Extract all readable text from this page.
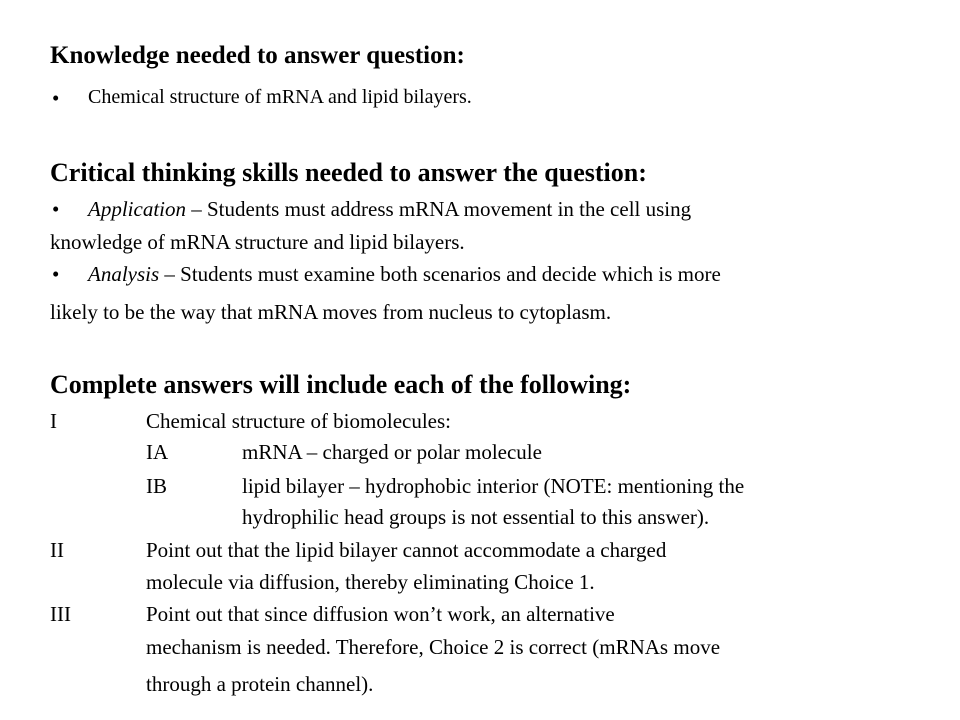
Knowledge needed to answer question:
• Chemical structure of mRNA and lipid bilayers.
Critical thinking skills needed to answer the question:
• Application – Students must address mRNA movement in the cell using
knowledge of mRNA structure and lipid bilayers.
• Analysis – Students must examine both scenarios and decide which is more
likely to be the way that mRNA moves from nucleus to cytoplasm.
Complete answers will include each of the following:
I	Chemical structure of biomolecules:
IA	mRNA – charged or polar molecule
IB	lipid bilayer – hydrophobic interior (NOTE: mentioning the
hydrophilic head groups is not essential to this answer).
II	Point out that the lipid bilayer cannot accommodate a charged
molecule via diffusion, thereby eliminating Choice 1.
III	Point out that since diffusion won’t work, an alternative
mechanism is needed. Therefore, Choice 2 is correct (mRNAs move
through a protein channel).
